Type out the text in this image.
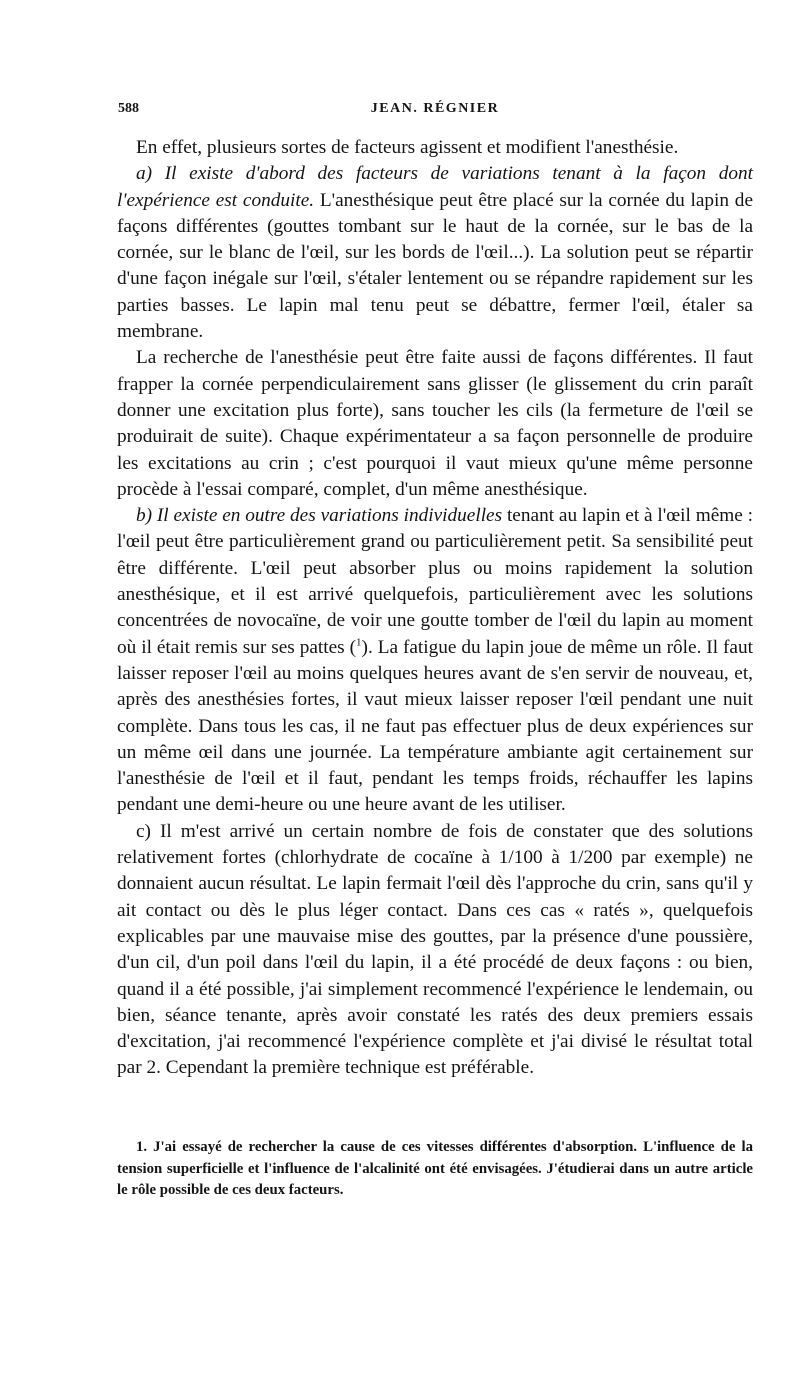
588	JEAN. RÉGNIER

En effet, plusieurs sortes de facteurs agissent et modifient l'anesthésie.

a) Il existe d'abord des facteurs de variations tenant à la façon dont l'expérience est conduite. L'anesthésique peut être placé sur la cornée du lapin de façons différentes (gouttes tombant sur le haut de la cornée, sur le bas de la cornée, sur le blanc de l'œil, sur les bords de l'œil...). La solution peut se répartir d'une façon inégale sur l'œil, s'étaler lentement ou se répandre rapidement sur les parties basses. Le lapin mal tenu peut se débattre, fermer l'œil, étaler sa membrane.

La recherche de l'anesthésie peut être faite aussi de façons différentes. Il faut frapper la cornée perpendiculairement sans glisser (le glissement du crin paraît donner une excitation plus forte), sans toucher les cils (la fermeture de l'œil se produirait de suite). Chaque expérimentateur a sa façon personnelle de produire les excitations au crin ; c'est pourquoi il vaut mieux qu'une même personne procède à l'essai comparé, complet, d'un même anesthésique.

b) Il existe en outre des variations individuelles tenant au lapin et à l'œil même : l'œil peut être particulièrement grand ou particulièrement petit. Sa sensibilité peut être différente. L'œil peut absorber plus ou moins rapidement la solution anesthésique, et il est arrivé quelquefois, particulièrement avec les solutions concentrées de novocaïne, de voir une goutte tomber de l'œil du lapin au moment où il était remis sur ses pattes ($^1$). La fatigue du lapin joue de même un rôle. Il faut laisser reposer l'œil au moins quelques heures avant de s'en servir de nouveau, et, après des anesthésies fortes, il vaut mieux laisser reposer l'œil pendant une nuit complète. Dans tous les cas, il ne faut pas effectuer plus de deux expériences sur un même œil dans une journée. La température ambiante agit certainement sur l'anesthésie de l'œil et il faut, pendant les temps froids, réchauffer les lapins pendant une demi-heure ou une heure avant de les utiliser.

c) Il m'est arrivé un certain nombre de fois de constater que des solutions relativement fortes (chlorhydrate de cocaïne à 1/100 à 1/200 par exemple) ne donnaient aucun résultat. Le lapin fermait l'œil dès l'approche du crin, sans qu'il y ait contact ou dès le plus léger contact. Dans ces cas « ratés », quelquefois explicables par une mauvaise mise des gouttes, par la présence d'une poussière, d'un cil, d'un poil dans l'œil du lapin, il a été procédé de deux façons : ou bien, quand il a été possible, j'ai simplement recommencé l'expérience le lendemain, ou bien, séance tenante, après avoir constaté les ratés des deux premiers essais d'excitation, j'ai recommencé l'expérience complète et j'ai divisé le résultat total par 2. Cependant la première technique est préférable.

1. J'ai essayé de rechercher la cause de ces vitesses différentes d'absorption. L'influence de la tension superficielle et l'influence de l'alcalinité ont été envisagées. J'étudierai dans un autre article le rôle possible de ces deux facteurs.
